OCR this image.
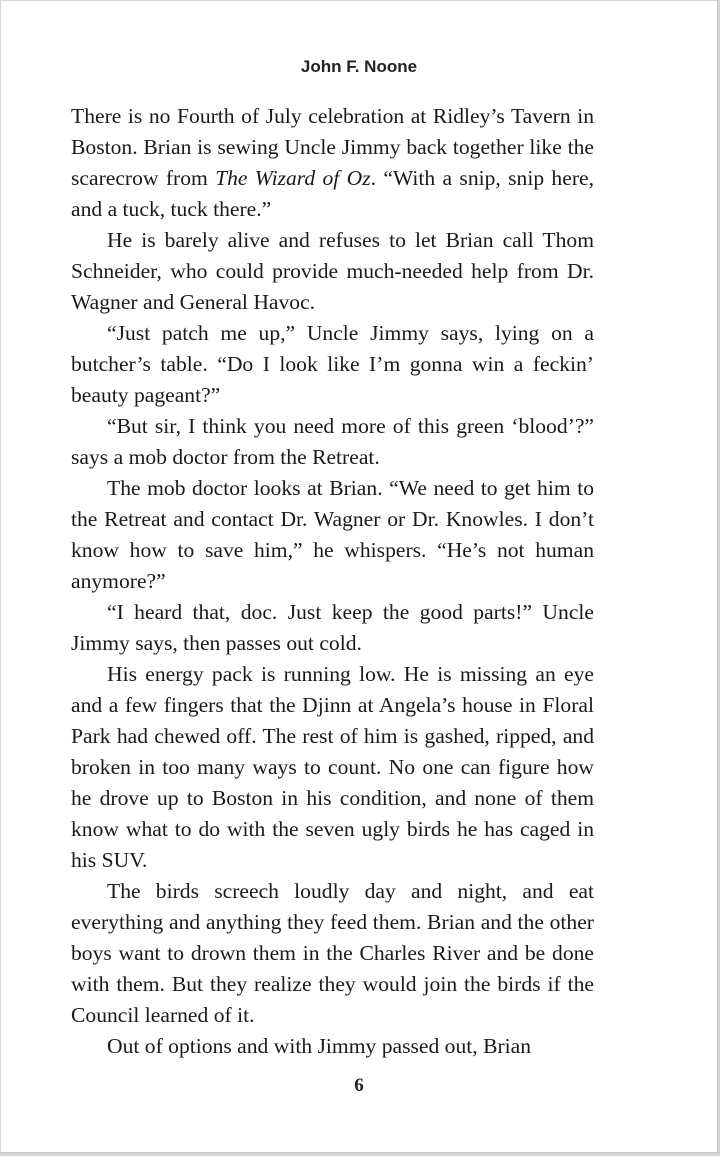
John F. Noone

There is no Fourth of July celebration at Ridley’s Tavern in Boston. Brian is sewing Uncle Jimmy back together like the scarecrow from The Wizard of Oz. “With a snip, snip here, and a tuck, tuck there.”

He is barely alive and refuses to let Brian call Thom Schneider, who could provide much-needed help from Dr. Wagner and General Havoc.

“Just patch me up,” Uncle Jimmy says, lying on a butcher’s table. “Do I look like I’m gonna win a feckin’ beauty pageant?”

“But sir, I think you need more of this green ‘blood’?” says a mob doctor from the Retreat.

The mob doctor looks at Brian. “We need to get him to the Retreat and contact Dr. Wagner or Dr. Knowles. I don’t know how to save him,” he whispers. “He’s not human anymore?”

“I heard that, doc. Just keep the good parts!” Uncle Jimmy says, then passes out cold.

His energy pack is running low. He is missing an eye and a few fingers that the Djinn at Angela’s house in Floral Park had chewed off. The rest of him is gashed, ripped, and broken in too many ways to count. No one can figure how he drove up to Boston in his condition, and none of them know what to do with the seven ugly birds he has caged in his SUV.

The birds screech loudly day and night, and eat everything and anything they feed them. Brian and the other boys want to drown them in the Charles River and be done with them. But they realize they would join the birds if the Council learned of it.

Out of options and with Jimmy passed out, Brian

6
